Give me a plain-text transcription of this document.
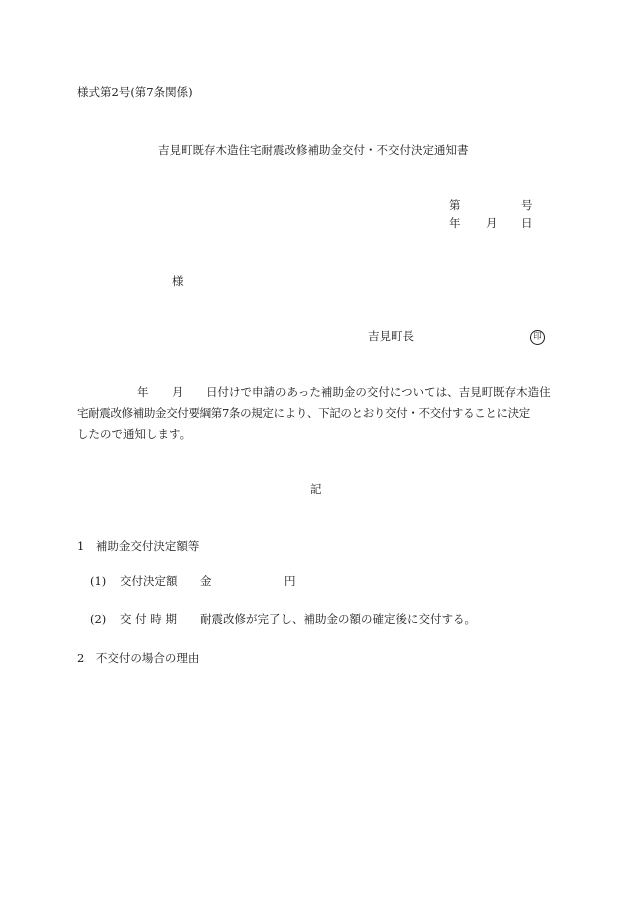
様式第2号(第7条関係)
吉見町既存木造住宅耐震改修補助金交付・不交付決定通知書
第	号
年 月 日
様
吉見町長	印
年 月 日付けで申請のあった補助金の交付については、吉見町既存木造住
宅耐震改修補助金交付要綱第7条の規定により、下記のとおり交付・不交付することに決定
したので通知します。
記
1　補助金交付決定額等
(1) 交付決定額 金	円
(2) 交 付 時 期 耐震改修が完了し、補助金の額の確定後に交付する。
2　不交付の場合の理由
